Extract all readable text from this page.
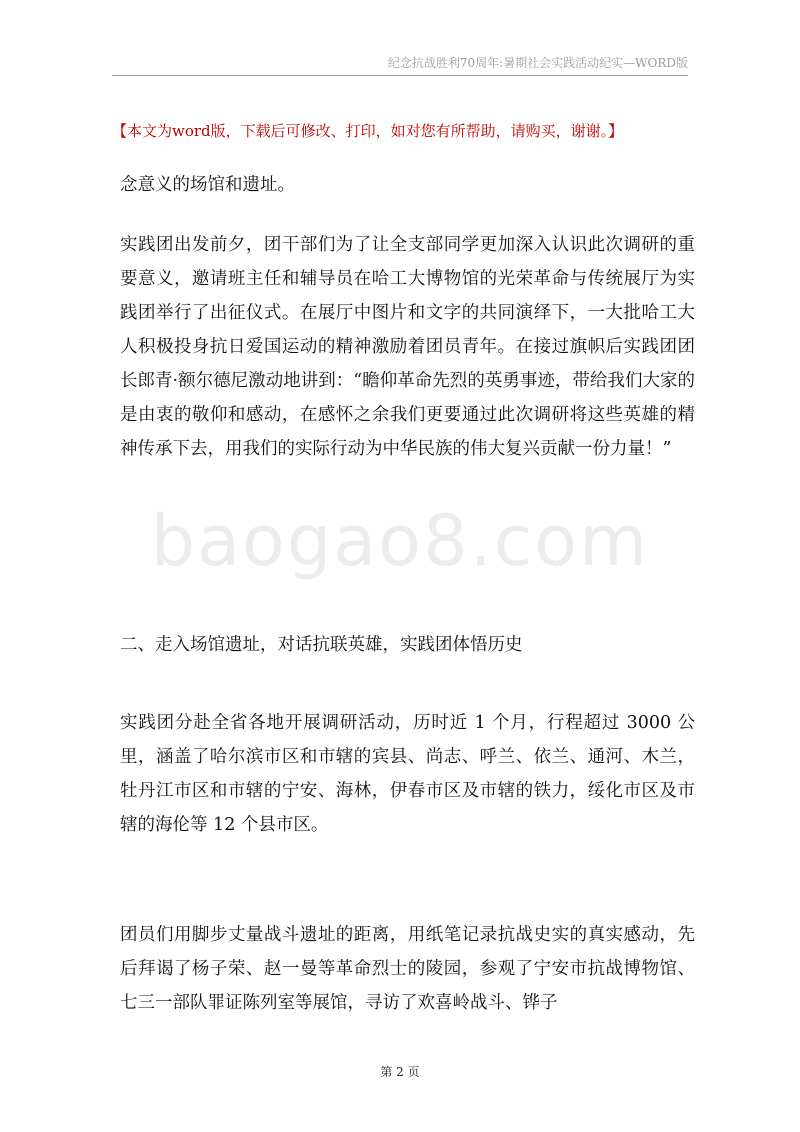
纪念抗战胜利70周年:暑期社会实践活动纪实—WORD版
【本文为word版，下载后可修改、打印，如对您有所帮助，请购买，谢谢。】

念意义的场馆和遗址。

实践团出发前夕，团干部们为了让全支部同学更加深入认识此次调研的重要意义，邀请班主任和辅导员在哈工大博物馆的光荣革命与传统展厅为实践团举行了出征仪式。在展厅中图片和文字的共同演绎下，一大批哈工大人积极投身抗日爱国运动的精神激励着团员青年。在接过旗帜后实践团团长郎青·额尔德尼激动地讲到：“瞻仰革命先烈的英勇事迹，带给我们大家的是由衷的敬仰和感动，在感怀之余我们更要通过此次调研将这些英雄的精神传承下去，用我们的实际行动为中华民族的伟大复兴贡献一份力量！”

二、走入场馆遗址，对话抗联英雄，实践团体悟历史

实践团分赴全省各地开展调研活动，历时近 1 个月，行程超过 3000 公里，涵盖了哈尔滨市区和市辖的宾县、尚志、呼兰、依兰、通河、木兰，牡丹江市区和市辖的宁安、海林，伊春市区及市辖的铁力，绥化市区及市辖的海伦等 12 个县市区。

团员们用脚步丈量战斗遗址的距离，用纸笔记录抗战史实的真实感动，先后拜谒了杨子荣、赵一曼等革命烈士的陵园，参观了宁安市抗战博物馆、七三一部队罪证陈列室等展馆，寻访了欢喜岭战斗、铧子

baogao8.com
第 2 页
